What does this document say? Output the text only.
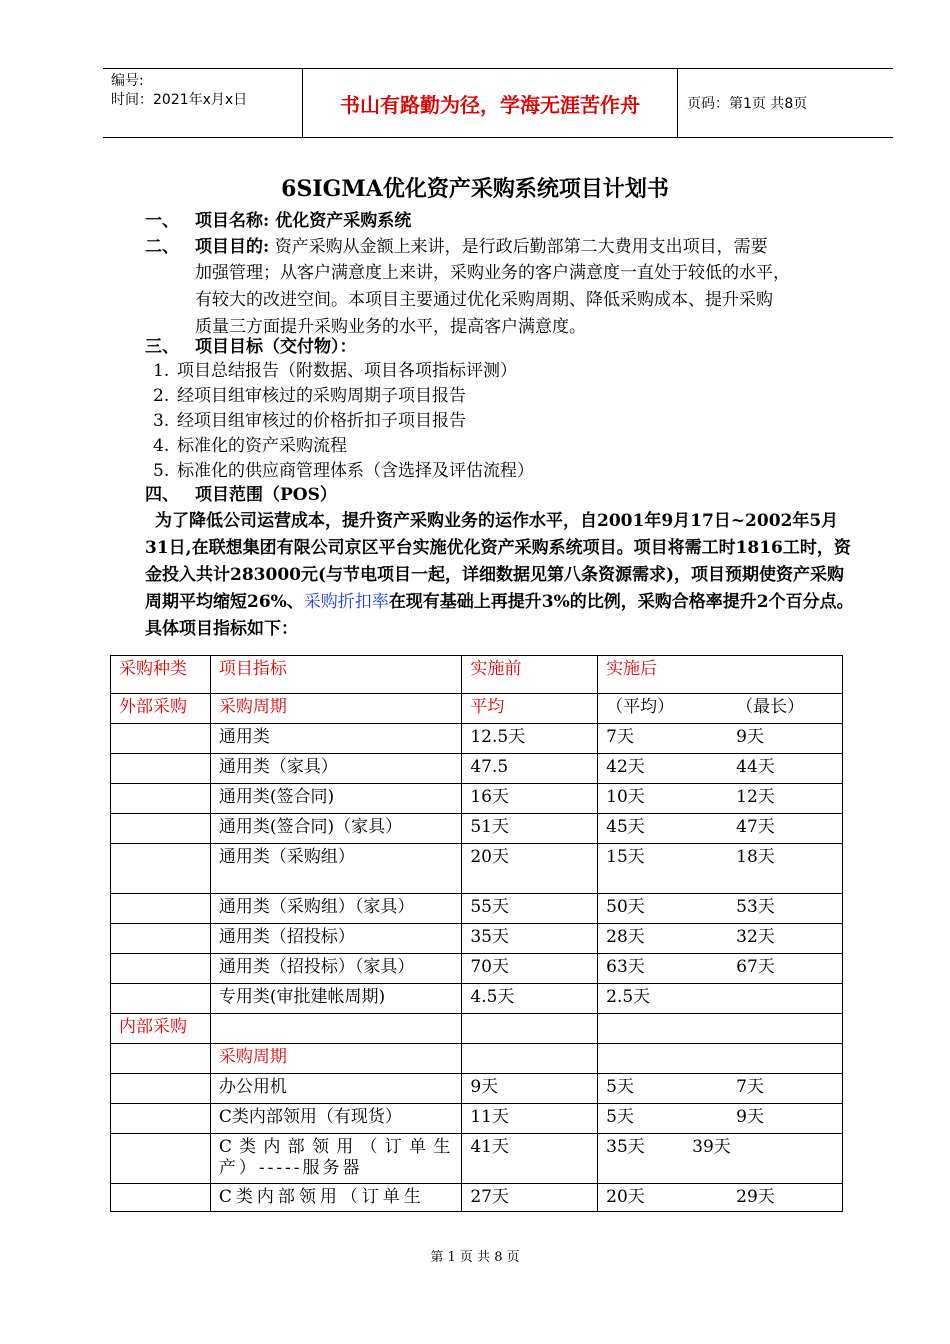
编号:
时间：2021年x月x日	书山有路勤为径，学海无涯苦作舟	页码：第1页 共8页
6SIGMA优化资产采购系统项目计划书
一、 项目名称: 优化资产采购系统
二、 项目目的: 资产采购从金额上来讲，是行政后勤部第二大费用支出项目，需要
加强管理；从客户满意度上来讲，采购业务的客户满意度一直处于较低的水平，
有较大的改进空间。本项目主要通过优化采购周期、降低采购成本、提升采购
质量三方面提升采购业务的水平，提高客户满意度。
三、 项目目标（交付物）：
1. 项目总结报告（附数据、项目各项指标评测）
2. 经项目组审核过的采购周期子项目报告
3. 经项目组审核过的价格折扣子项目报告
4. 标准化的资产采购流程
5. 标准化的供应商管理体系（含选择及评估流程）
四、 项目范围（POS）
为了降低公司运营成本，提升资产采购业务的运作水平，自2001年9月17日~2002年5月31日,在联想集团有限公司京区平台实施优化资产采购系统项目。项目将需工时1816工时，资金投入共计283000元(与节电项目一起，详细数据见第八条资源需求)，项目预期使资产采购周期平均缩短26%、采购折扣率在现有基础上再提升3%的比例，采购合格率提升2个百分点。具体项目指标如下：
采购种类	项目指标	实施前	实施后
外部采购	采购周期	平均	（平均） （最长）

	通用类	12.5天	7天 9天

	通用类（家具）	47.5	42天 44天

	通用类(签合同)	16天	10天 12天

	通用类(签合同)（家具）	51天	45天 47天

	通用类（采购组）	20天	15天 18天

	通用类（采购组）（家具）	55天	50天 53天

	通用类（招投标）	35天	28天 32天

	通用类（招投标）（家具）	70天	63天 67天

	专用类(审批建帐周期)	4.5天	2.5天

内部采购			

	采购周期		

	办公用机	9天	5天 7天

	C类内部领用（有现货）	11天	5天 9天

	C类内部领用（订单生产）-----服务器	41天	35天 39天

	C类内部领用（订单生	27天	20天 29天
第 1 页 共 8 页
